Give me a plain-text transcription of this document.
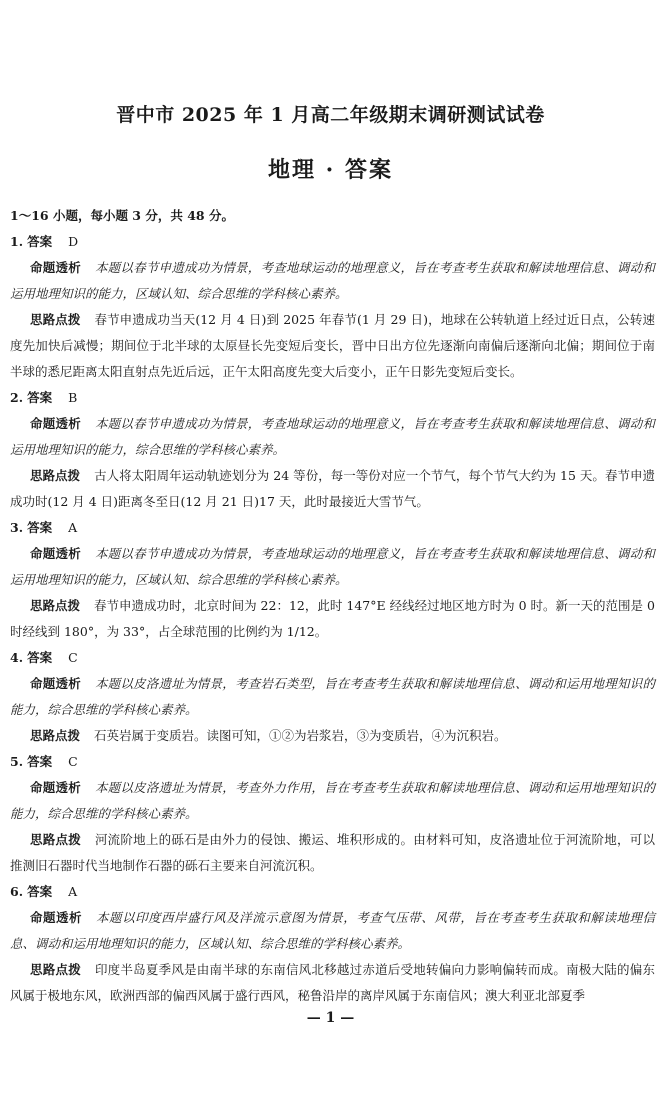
晋中市 2025 年 1 月高二年级期末调研测试试卷
地理 · 答案
1～16 小题，每小题 3 分，共 48 分。
1. 答案 D
命题透析 本题以春节申遗成功为情景，考查地球运动的地理意义，旨在考查考生获取和解读地理信息、调动和运用地理知识的能力，区域认知、综合思维的学科核心素养。
思路点拨 春节申遗成功当天(12 月 4 日)到 2025 年春节(1 月 29 日)，地球在公转轨道上经过近日点，公转速度先加快后减慢；期间位于北半球的太原昼长先变短后变长，晋中日出方位先逐渐向南偏后逐渐向北偏；期间位于南半球的悉尼距离太阳直射点先近后远，正午太阳高度先变大后变小，正午日影先变短后变长。
2. 答案 B
命题透析 本题以春节申遗成功为情景，考查地球运动的地理意义，旨在考查考生获取和解读地理信息、调动和运用地理知识的能力，综合思维的学科核心素养。
思路点拨 古人将太阳周年运动轨迹划分为 24 等份，每一等份对应一个节气，每个节气大约为 15 天。春节申遗成功时(12 月 4 日)距离冬至日(12 月 21 日)17 天，此时最接近大雪节气。
3. 答案 A
命题透析 本题以春节申遗成功为情景，考查地球运动的地理意义，旨在考查考生获取和解读地理信息、调动和运用地理知识的能力，区域认知、综合思维的学科核心素养。
思路点拨 春节申遗成功时，北京时间为 22：12，此时 147°E 经线经过地区地方时为 0 时。新一天的范围是 0 时经线到 180°，为 33°，占全球范围的比例约为 1/12。
4. 答案 C
命题透析 本题以皮洛遗址为情景，考查岩石类型，旨在考查考生获取和解读地理信息、调动和运用地理知识的能力，综合思维的学科核心素养。
思路点拨 石英岩属于变质岩。读图可知，①②为岩浆岩，③为变质岩，④为沉积岩。
5. 答案 C
命题透析 本题以皮洛遗址为情景，考查外力作用，旨在考查考生获取和解读地理信息、调动和运用地理知识的能力，综合思维的学科核心素养。
思路点拨 河流阶地上的砾石是由外力的侵蚀、搬运、堆积形成的。由材料可知，皮洛遗址位于河流阶地，可以推测旧石器时代当地制作石器的砾石主要来自河流沉积。
6. 答案 A
命题透析 本题以印度西岸盛行风及洋流示意图为情景，考查气压带、风带，旨在考查考生获取和解读地理信息、调动和运用地理知识的能力，区域认知、综合思维的学科核心素养。
思路点拨 印度半岛夏季风是由南半球的东南信风北移越过赤道后受地转偏向力影响偏转而成。南极大陆的偏东风属于极地东风，欧洲西部的偏西风属于盛行西风，秘鲁沿岸的离岸风属于东南信风；澳大利亚北部夏季
— 1 —
